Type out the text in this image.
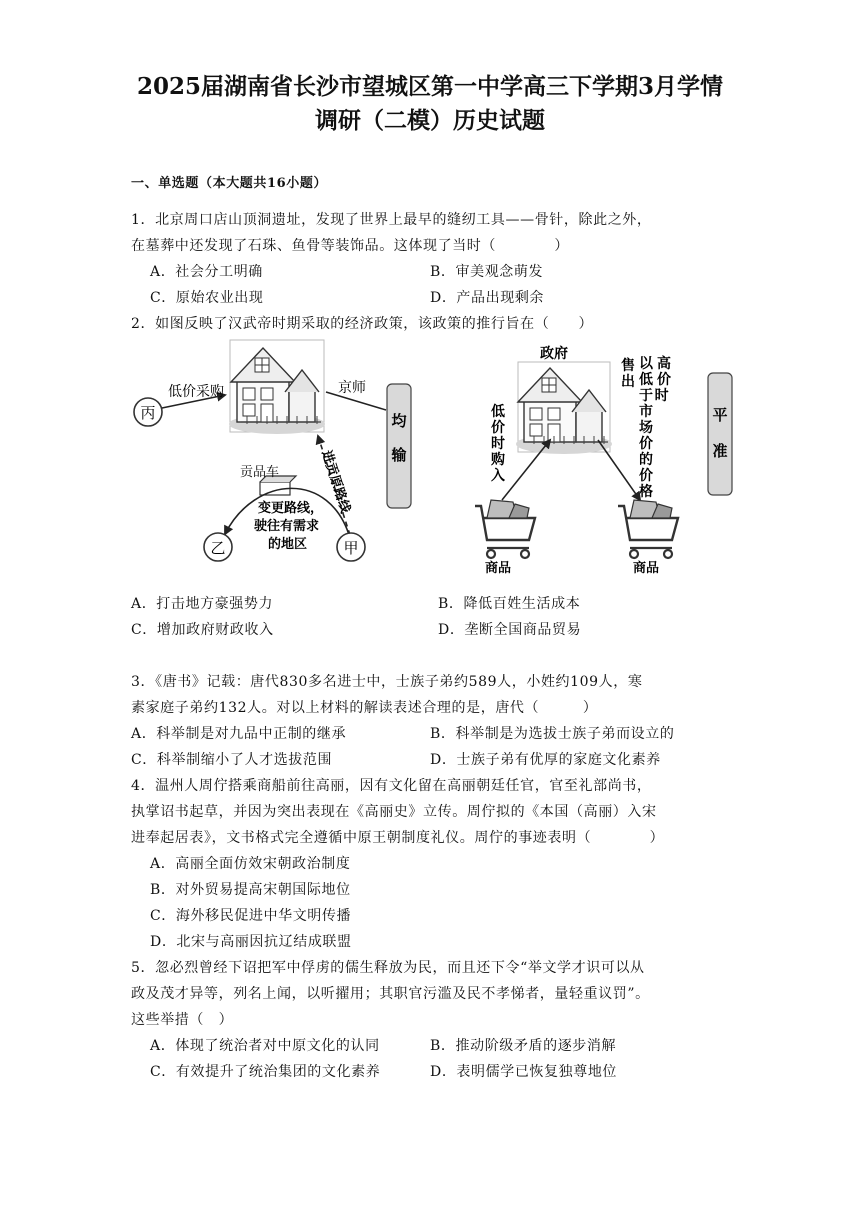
2025届湖南省长沙市望城区第一中学高三下学期3月学情
调研（二模）历史试题
一、单选题（本大题共16小题）
1．北京周口店山顶洞遗址，发现了世界上最早的缝纫工具——骨针，除此之外，
在墓葬中还发现了石珠、鱼骨等装饰品。这体现了当时（　　　　）
A．社会分工明确	B．审美观念萌发
C．原始农业出现	D．产品出现剩余
2．如图反映了汉武帝时期采取的经济政策，该政策的推行旨在（　　）
丙
低价采购	京师
均
输
进贡原路线
贡品车
变更路线，
驶往有需求
的地区
乙	甲
政府
低价时购入
售出
高价时 以低于市场价的价格
商品	商品
平
准
A．打击地方豪强势力	B．降低百姓生活成本
C．增加政府财政收入	D．垄断全国商品贸易
3．《唐书》记载：唐代830多名进士中，士族子弟约589人，小姓约109人，寒
素家庭子弟约132人。对以上材料的解读表述合理的是，唐代（　　　）
A．科举制是对九品中正制的继承	B．科举制是为选拔士族子弟而设立的
C．科举制缩小了人才选拔范围	D．士族子弟有优厚的家庭文化素养
4．温州人周佇搭乘商船前往高丽，因有文化留在高丽朝廷任官，官至礼部尚书，
执掌诏书起草，并因为突出表现在《高丽史》立传。周佇拟的《本国（高丽）入宋
进奉起居表》，文书格式完全遵循中原王朝制度礼仪。周佇的事迹表明（　　　　）
A．高丽全面仿效宋朝政治制度
B．对外贸易提高宋朝国际地位
C．海外移民促进中华文明传播
D．北宋与高丽因抗辽结成联盟
5．忽必烈曾经下诏把军中俘虏的儒生释放为民，而且还下令“举文学才识可以从
政及茂才异等，列名上闻，以听擢用；其职官污滥及民不孝悌者，量轻重议罚”。
这些举措（　）
A．体现了统治者对中原文化的认同	B．推动阶级矛盾的逐步消解
C．有效提升了统治集团的文化素养	D．表明儒学已恢复独尊地位
